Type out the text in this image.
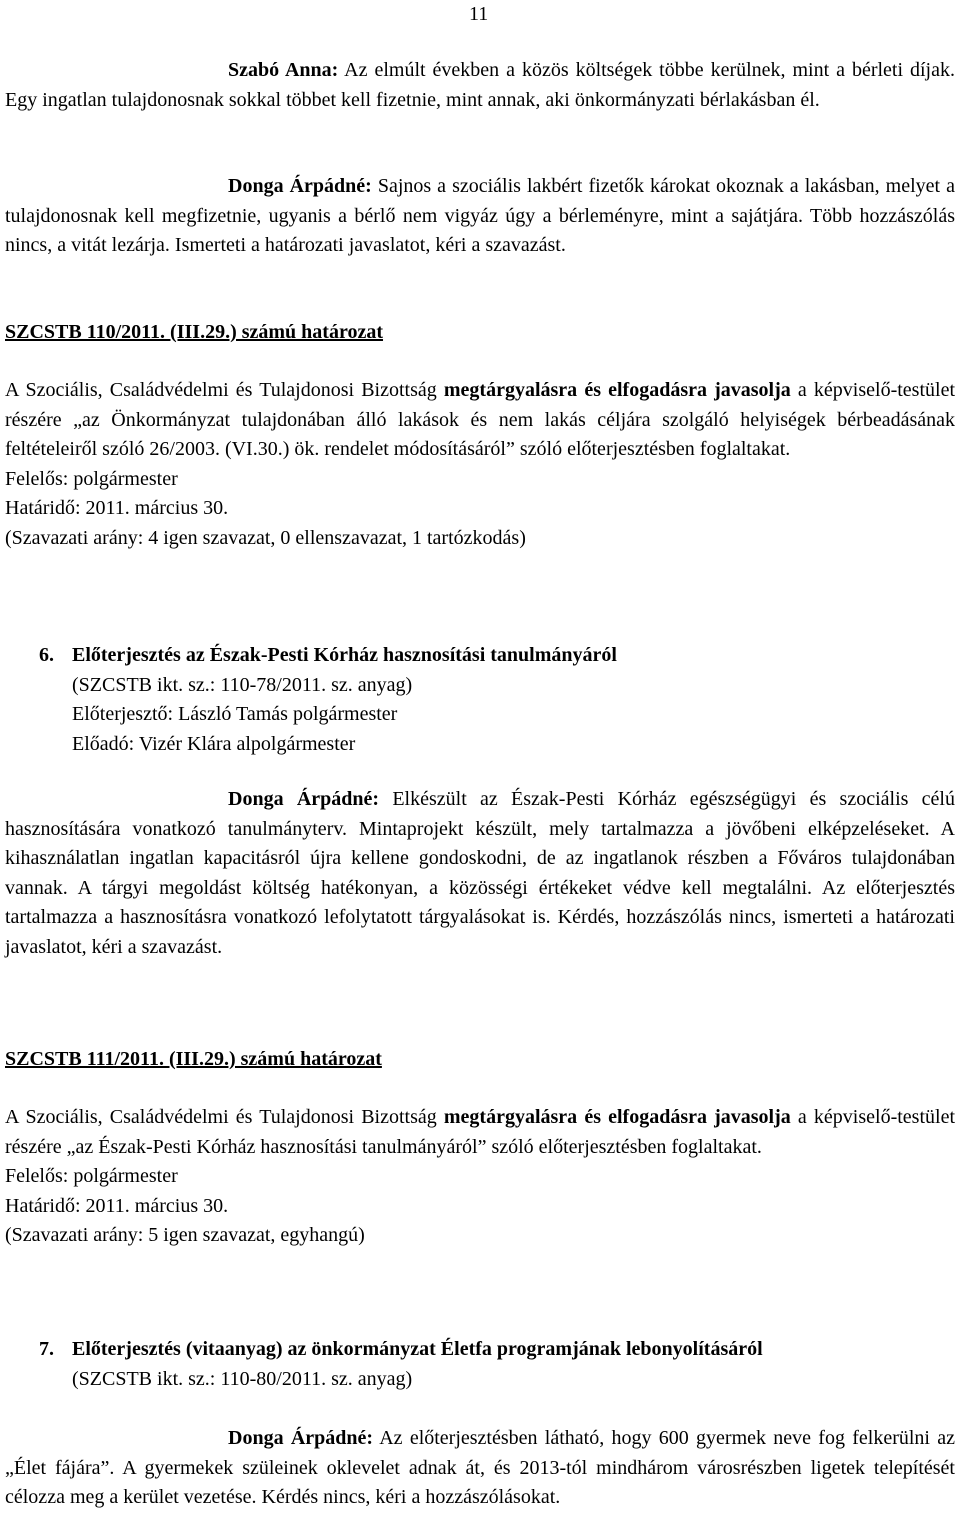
11
Szabó Anna: Az elmúlt években a közös költségek többe kerülnek, mint a bérleti díjak. Egy ingatlan tulajdonosnak sokkal többet kell fizetnie, mint annak, aki önkormányzati bérlakásban él.
Donga Árpádné: Sajnos a szociális lakbért fizetők károkat okoznak a lakásban, melyet a tulajdonosnak kell megfizetnie, ugyanis a bérlő nem vigyáz úgy a bérleményre, mint a sajátjára. Több hozzászólás nincs, a vitát lezárja. Ismerteti a határozati javaslatot, kéri a szavazást.
SZCSTB 110/2011. (III.29.) számú határozat
A Szociális, Családvédelmi és Tulajdonosi Bizottság megtárgyalásra és elfogadásra javasolja a képviselő-testület részére „az Önkormányzat tulajdonában álló lakások és nem lakás céljára szolgáló helyiségek bérbeadásának feltételeiről szóló 26/2003. (VI.30.) ök. rendelet módosításáról” szóló előterjesztésben foglaltakat.
Felelős: polgármester
Határidő: 2011. március 30.
(Szavazati arány: 4 igen szavazat, 0 ellenszavazat, 1 tartózkodás)
6. Előterjesztés az Észak-Pesti Kórház hasznosítási tanulmányáról
(SZCSTB ikt. sz.: 110-78/2011. sz. anyag)
Előterjesztő: László Tamás polgármester
Előadó: Vizér Klára alpolgármester
Donga Árpádné: Elkészült az Észak-Pesti Kórház egészségügyi és szociális célú hasznosítására vonatkozó tanulmányterv. Mintaprojekt készült, mely tartalmazza a jövőbeni elképzeléseket. A kihasználatlan ingatlan kapacitásról újra kellene gondoskodni, de az ingatlanok részben a Főváros tulajdonában vannak. A tárgyi megoldást költség hatékonyan, a közösségi értékeket védve kell megtalálni. Az előterjesztés tartalmazza a hasznosításra vonatkozó lefolytatott tárgyalásokat is. Kérdés, hozzászólás nincs, ismerteti a határozati javaslatot, kéri a szavazást.
SZCSTB 111/2011. (III.29.) számú határozat
A Szociális, Családvédelmi és Tulajdonosi Bizottság megtárgyalásra és elfogadásra javasolja a képviselő-testület részére „az Észak-Pesti Kórház hasznosítási tanulmányáról” szóló előterjesztésben foglaltakat.
Felelős: polgármester
Határidő: 2011. március 30.
(Szavazati arány: 5 igen szavazat, egyhangú)
7. Előterjesztés (vitaanyag) az önkormányzat Életfa programjának lebonyolításáról
(SZCSTB ikt. sz.: 110-80/2011. sz. anyag)
Donga Árpádné: Az előterjesztésben látható, hogy 600 gyermek neve fog felkerülni az „Élet fájára”. A gyermekek szüleinek oklevelet adnak át, és 2013-tól mindhárom városrészben ligetek telepítését célozza meg a kerület vezetése. Kérdés nincs, kéri a hozzászólásokat.
